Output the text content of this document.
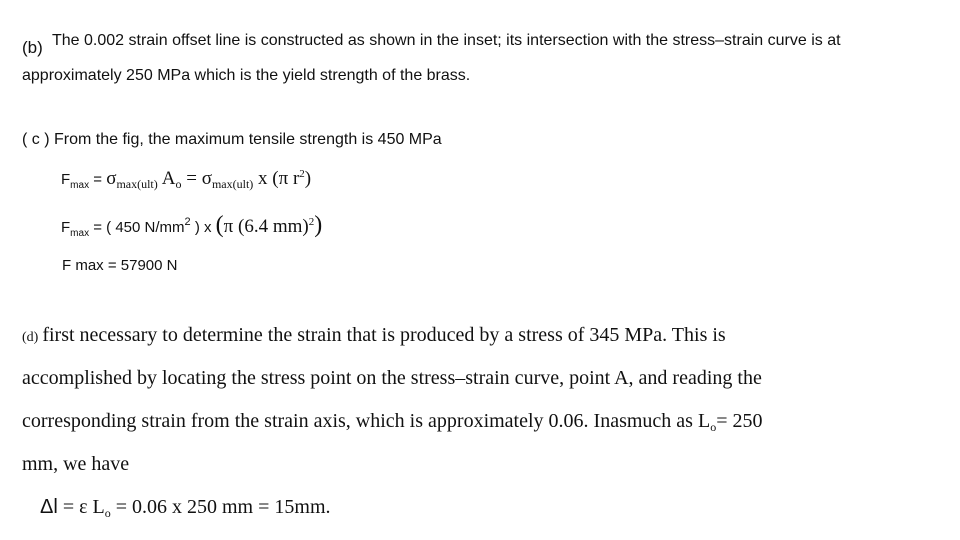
(b) The 0.002 strain offset line is constructed as shown in the inset; its intersection with the stress–strain curve is at
approximately 250 MPa which is the yield strength of the brass.
( c ) From the fig, the maximum tensile strength is 450 MPa
$F_{max} = \sigma_{max(ult)}$ $A_o = \sigma_{max(ult)}$ x (π $r^2$)
$F_{max}$ = ( 450 $N/mm^2$ ) x (π (6.4 mm)$^2$)
F max = 57900 N
(d) first necessary to determine the strain that is produced by a stress of 345 MPa. This is
accomplished by locating the stress point on the stress–strain curve, point A, and reading the
corresponding strain from the strain axis, which is approximately 0.06. Inasmuch as $L_o= 250$
mm, we have
Δl = ε $L_o = 0.06$ x 250 mm = 15mm.
